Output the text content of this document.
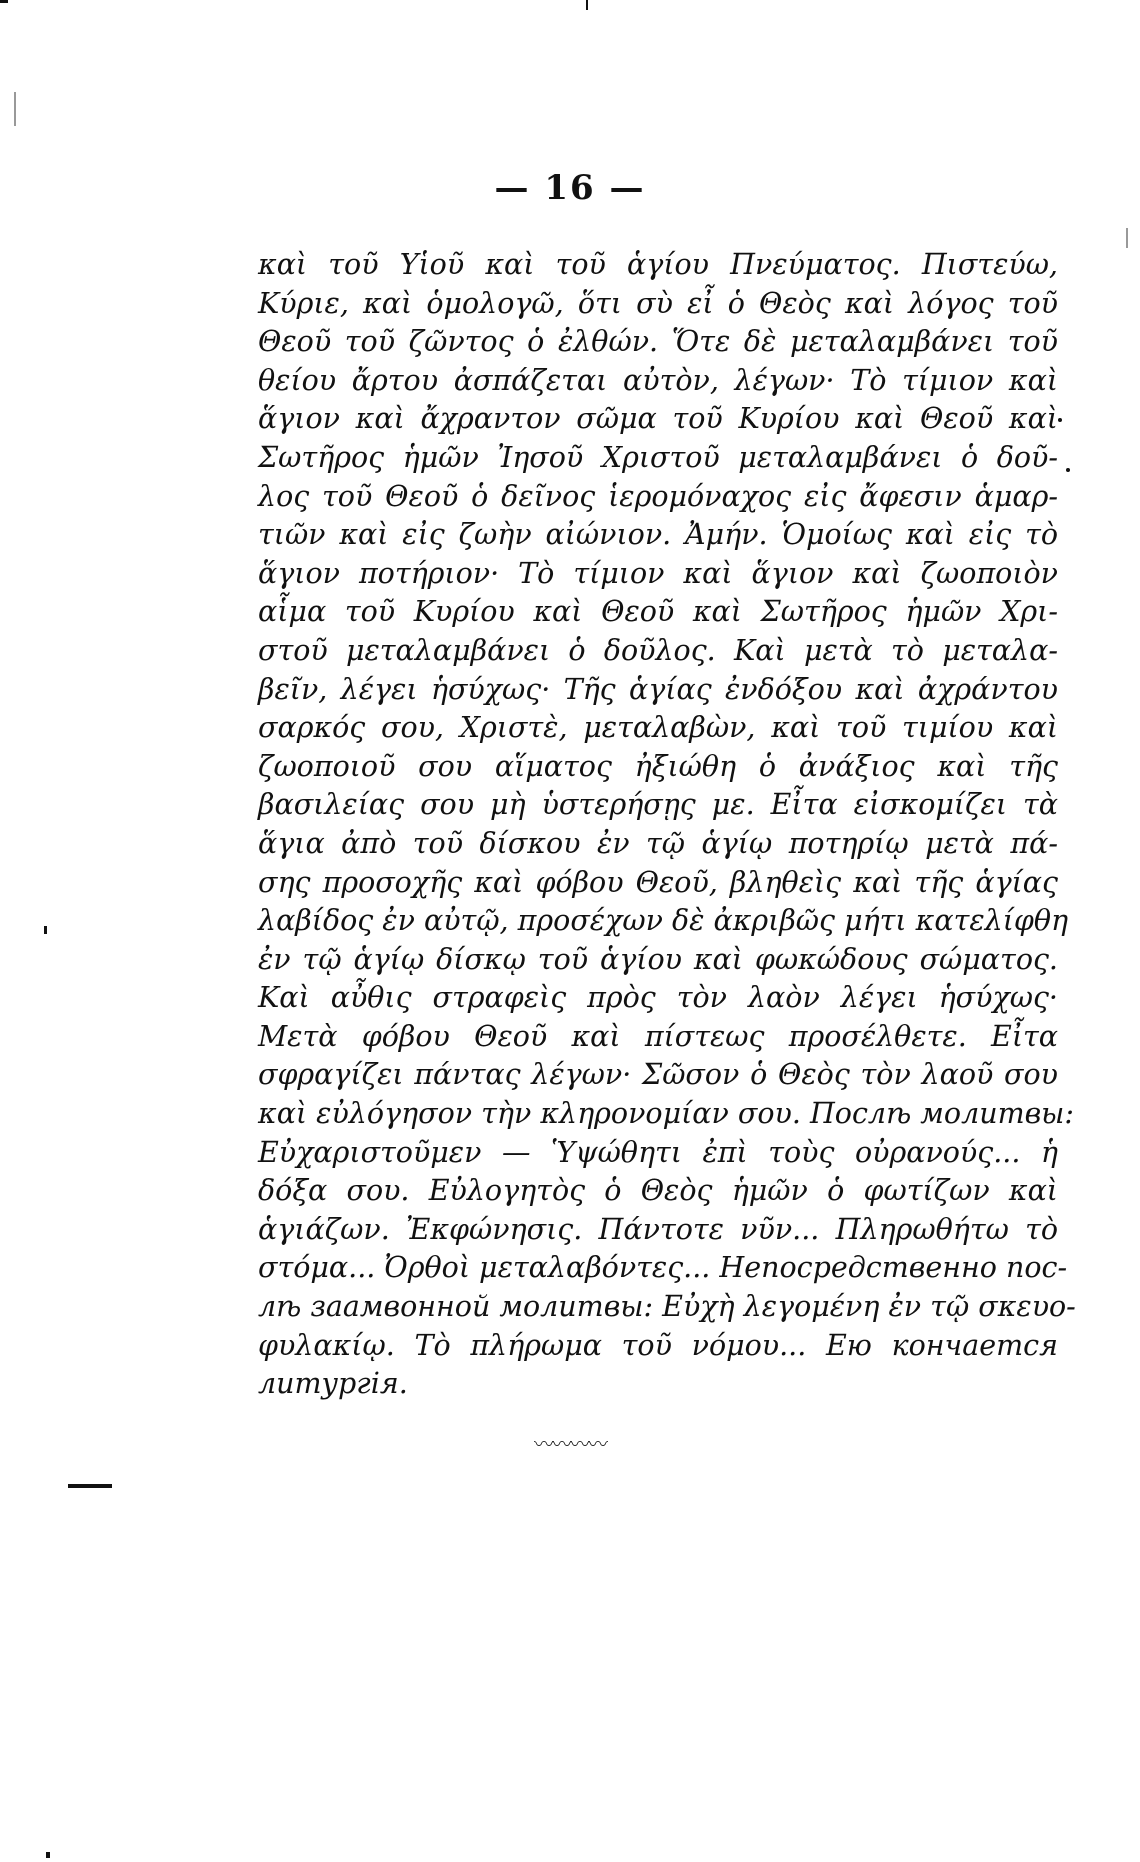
— 16 —
καὶ τοῦ Υἱοῦ καὶ τοῦ ἁγίου Πνεύματος. Πιστεύω,
Κύριε, καὶ ὁμολογῶ, ὅτι σὺ εἶ ὁ Θεὸς καὶ λόγος τοῦ
Θεοῦ τοῦ ζῶντος ὁ ἐλθών. Ὅτε δὲ μεταλαμβάνει τοῦ
θείου ἄρτου ἀσπάζεται αὐτὸν, λέγων· Τὸ τίμιον καὶ
ἅγιον καὶ ἄχραντον σῶμα τοῦ Κυρίου καὶ Θεοῦ καὶ
Σωτῆρος ἡμῶν Ἰησοῦ Χριστοῦ μεταλαμβάνει ὁ δοῦ-
λος τοῦ Θεοῦ ὁ δεῖνος ἱερομόναχος εἰς ἄφεσιν ἁμαρ-
τιῶν καὶ εἰς ζωὴν αἰώνιον. Ἀμήν. Ὁμοίως καὶ εἰς τὸ
ἅγιον ποτήριον· Τὸ τίμιον καὶ ἅγιον καὶ ζωοποιὸν
αἷμα τοῦ Κυρίου καὶ Θεοῦ καὶ Σωτῆρος ἡμῶν Χρι-
στοῦ μεταλαμβάνει ὁ δοῦλος. Καὶ μετὰ τὸ μεταλα-
βεῖν, λέγει ἡσύχως· Τῆς ἁγίας ἐνδόξου καὶ ἀχράντου
σαρκός σου, Χριστὲ, μεταλαβὼν, καὶ τοῦ τιμίου καὶ
ζωοποιοῦ σου αἵματος ἠξιώθη ὁ ἀνάξιος καὶ τῆς
βασιλείας σου μὴ ὑστερήσῃς με. Εἶτα εἰσκομίζει τὰ
ἅγια ἀπὸ τοῦ δίσκου ἐν τῷ ἁγίῳ ποτηρίῳ μετὰ πά-
σης προσοχῆς καὶ φόβου Θεοῦ, βληθεὶς καὶ τῆς ἁγίας
λαβίδος ἐν αὐτῷ, προσέχων δὲ ἀκριβῶς μήτι κατελίφθη
ἐν τῷ ἁγίῳ δίσκῳ τοῦ ἁγίου καὶ φωκώδους σώματος.
Καὶ αὖθις στραφεὶς πρὸς τὸν λαὸν λέγει ἡσύχως·
Μετὰ φόβου Θεοῦ καὶ πίστεως προσέλθετε. Εἶτα
σφραγίζει πάντας λέγων· Σῶσον ὁ Θεὸς τὸν λαοῦ σου
καὶ εὐλόγησον τὴν κληρονομίαν σου. Послѣ молитвы:
Εὐχαριστοῦμεν — Ὑψώθητι ἐπὶ τοὺς οὐρανούς... ἡ
δόξα σου. Εὐλογητὸς ὁ Θεὸς ἡμῶν ὁ φωτίζων καὶ
ἁγιάζων. Ἐκφώνησις. Πάντοτε νῦν... Πληρωθήτω τὸ
στόμα... Ὀρθοὶ μεταλαβόντες... Непосредственно пос-
лѣ заамвонной молитвы: Εὐχὴ λεγομένη ἐν τῷ σκευο-
φυλακίῳ. Τὸ πλήρωμα τοῦ νόμου... Ею кончается
литургія.
〰〰〰〰
